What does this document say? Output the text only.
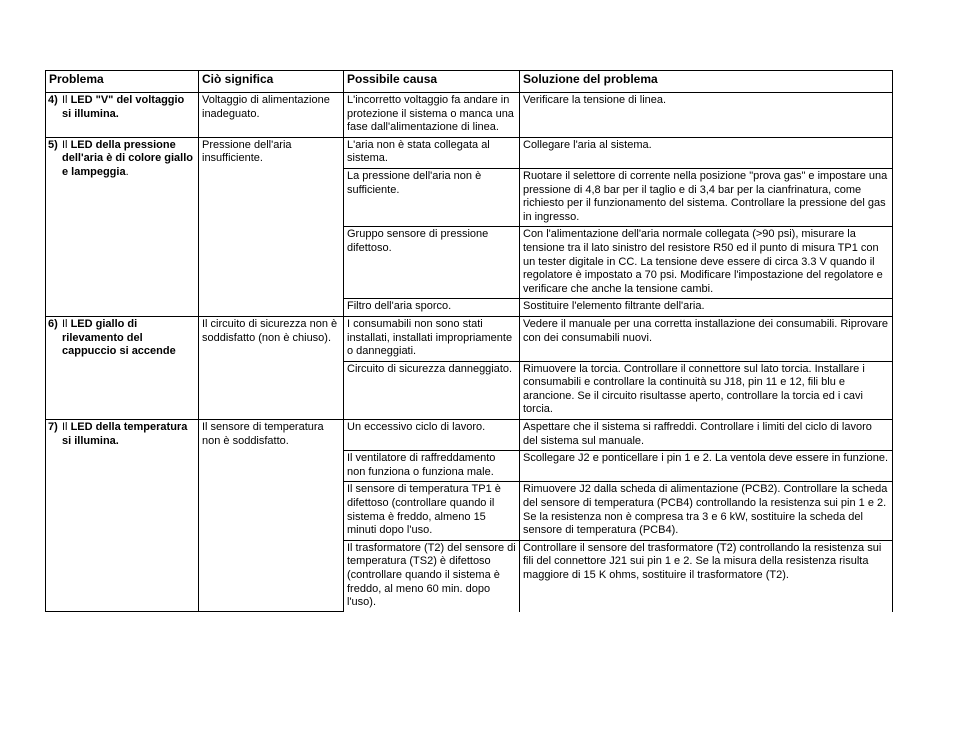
Problema	Ciò significa	Possibile causa	Soluzione del problema

4) Il LED "V" del voltaggio
si illumina.	Voltaggio di alimentazione inadeguato.	L'incorretto voltaggio fa andare in protezione il sistema o manca una fase dall'alimentazione di linea.	Verificare la tensione di linea.

5) Il LED della pressione
dell'aria è di colore giallo e lampeggia.	Pressione dell'aria insufficiente.	L'aria non è stata collegata al sistema.	Collegare l'aria al sistema.
		La pressione dell'aria non è sufficiente.	Ruotare il selettore di corrente nella posizione "prova gas" e impostare una pressione di 4,8 bar per il taglio e di 3,4 bar per la cianfrinatura, come richiesto per il funzionamento del sistema. Controllare la pressione del gas in ingresso.
		Gruppo sensore di pressione difettoso.	Con l'alimentazione dell'aria normale collegata (>90 psi), misurare la tensione tra il lato sinistro del resistore R50 ed il punto di misura TP1 con un tester digitale in CC. La tensione deve essere di circa 3.3 V quando il regolatore è impostato a 70 psi. Modificare l'impostazione del regolatore e verificare che anche la tensione cambi.
		Filtro dell'aria sporco.	Sostituire l'elemento filtrante dell'aria.

6) Il LED giallo di
rilevamento del cappuccio si accende	Il circuito di sicurezza non è soddisfatto (non è chiuso).	I consumabili non sono stati installati, installati impropriamente o danneggiati.	Vedere il manuale per una corretta installazione dei consumabili. Riprovare con dei consumabili nuovi.
		Circuito di sicurezza danneggiato.	Rimuovere la torcia. Controllare il connettore sul lato torcia. Installare i consumabili e controllare la continuità su J18, pin 11 e 12, fili blu e arancione. Se il circuito risultasse aperto, controllare la torcia ed i cavi torcia.

7) Il LED della temperatura
si illumina.	Il sensore di temperatura non è soddisfatto.	Un eccessivo ciclo di lavoro.	Aspettare che il sistema si raffreddi. Controllare i limiti del ciclo di lavoro del sistema sul manuale.
		Il ventilatore di raffreddamento non funziona o funziona male.	Scollegare J2 e ponticellare i pin 1 e 2. La ventola deve essere in funzione.
		Il sensore di temperatura TP1 è difettoso (controllare quando il sistema è freddo, almeno 15 minuti dopo l'uso.	Rimuovere J2 dalla scheda di alimentazione (PCB2). Controllare la scheda del sensore di temperatura (PCB4) controllando la resistenza sui pin 1 e 2. Se la resistenza non è compresa tra 3 e 6 kW, sostituire la scheda del sensore di temperatura (PCB4).
		Il trasformatore (T2) del sensore di temperatura (TS2) è difettoso (controllare quando il sistema è freddo, al meno 60 min. dopo l'uso).	Controllare il sensore del trasformatore (T2) controllando la resistenza sui fili del connettore J21 sui pin 1 e 2. Se la misura della resistenza risulta maggiore di 15 K ohms, sostituire il trasformatore (T2).
